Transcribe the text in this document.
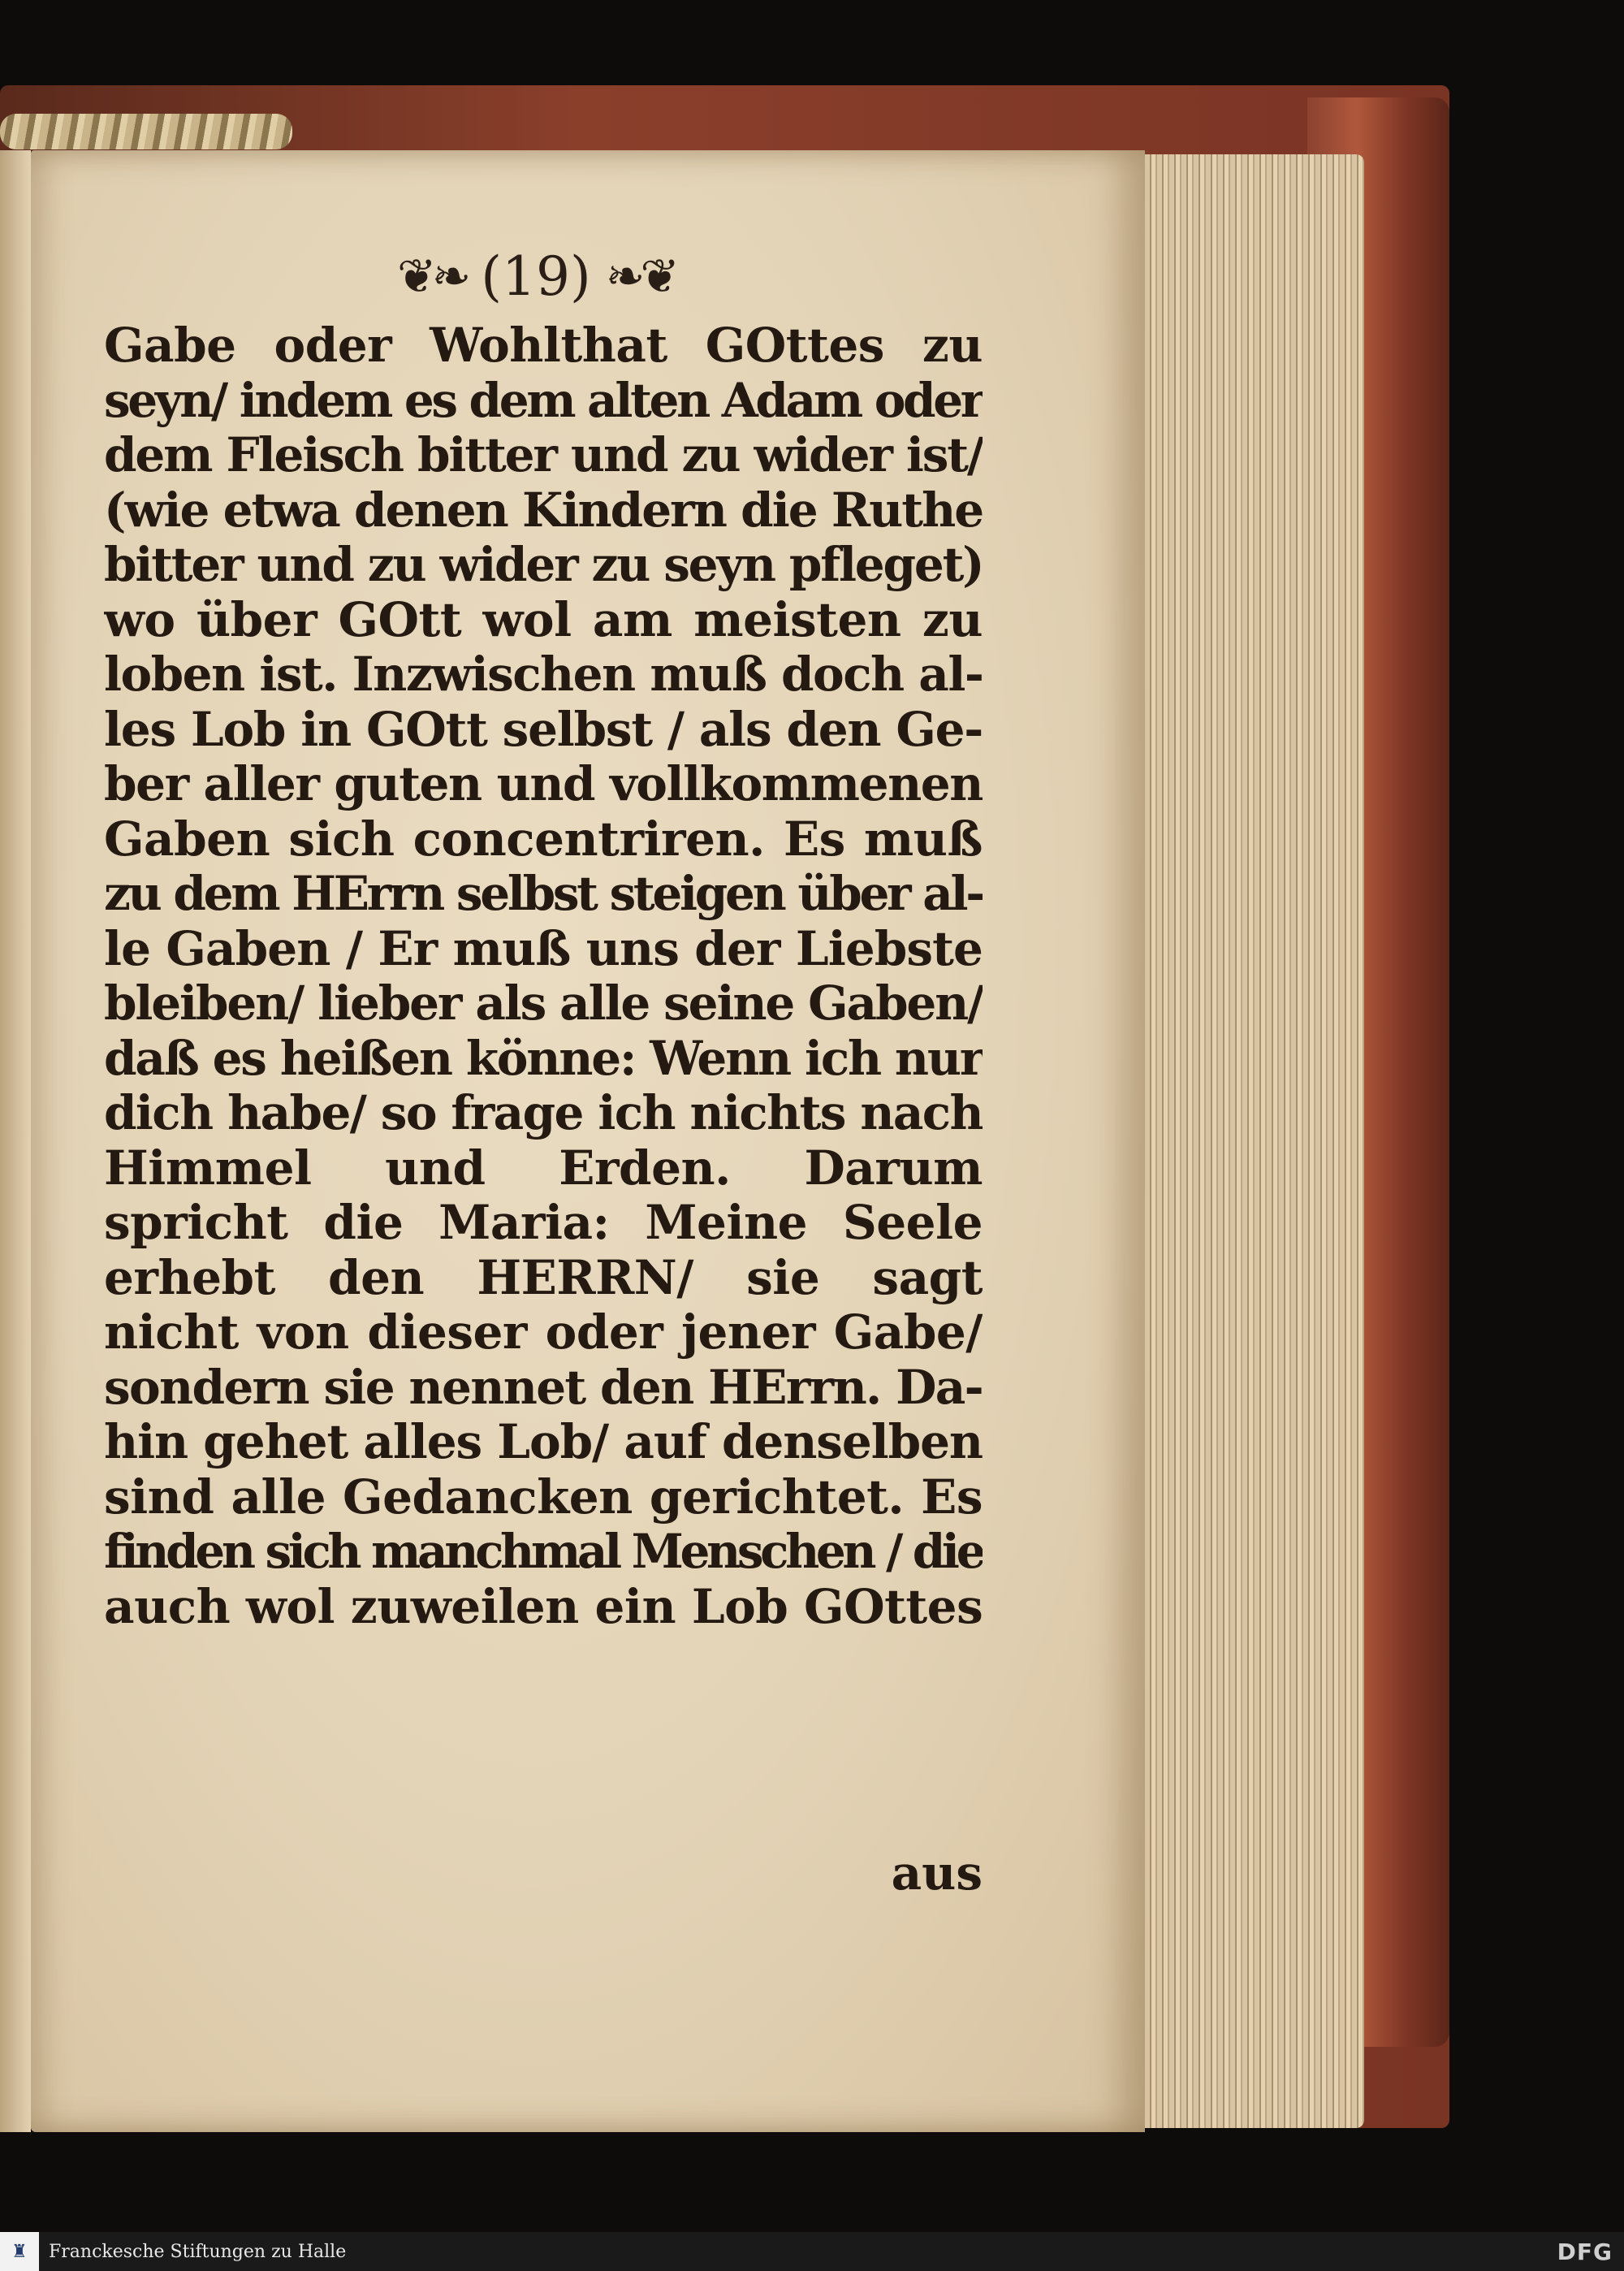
❦❧ (19) ❧❦
Gabe oder Wohlthat GOttes zu
seyn/ indem es dem alten Adam oder
dem Fleisch bitter und zu wider ist/
(wie etwa denen Kindern die Ruthe
bitter und zu wider zu seyn pfleget)
wo über GOtt wol am meisten zu
loben ist. Inzwischen muß doch al-
les Lob in GOtt selbst / als den Ge-
ber aller guten und vollkommenen
Gaben sich concentriren. Es muß
zu dem HErrn selbst steigen über al-
le Gaben / Er muß uns der Liebste
bleiben/ lieber als alle seine Gaben/
daß es heißen könne: Wenn ich nur
dich habe/ so frage ich nichts nach
Himmel und Erden. Darum
spricht die Maria: Meine Seele
erhebt den HERRN/ sie sagt
nicht von dieser oder jener Gabe/
sondern sie nennet den HErrn. Da-
hin gehet alles Lob/ auf denselben
sind alle Gedancken gerichtet. Es
finden sich manchmal Menschen / die
auch wol zuweilen ein Lob GOttes
aus
♜	Franckesche Stiftungen zu Halle	DFG
